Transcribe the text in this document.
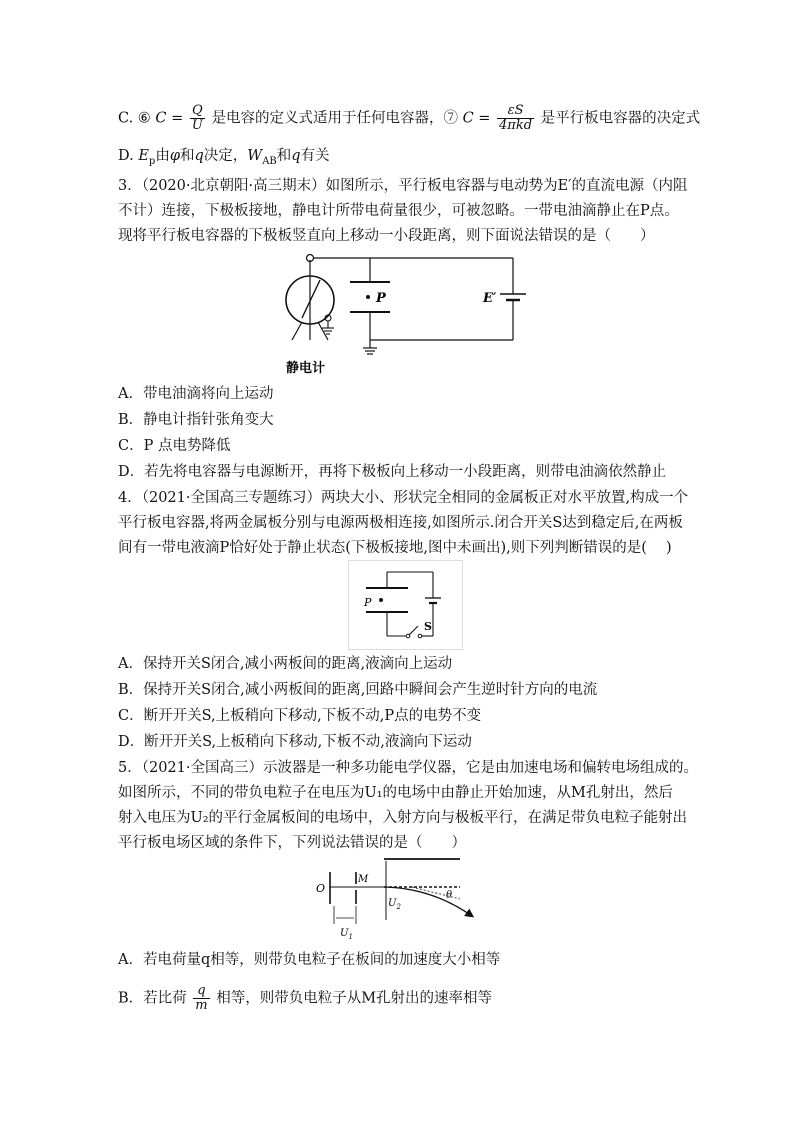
C. ⑥ $C = \frac{Q}{U}$ 是电容的定义式适用于任何电容器，⑦ $C = \frac{\varepsilon S}{\text{4πkd}}$ 是平行板电容器的决定式
D. $E_p$由φ和q决定，$W_{AB}$和q有关
3．（2020·北京朝阳·高三期末）如图所示，平行板电容器与电动势为E′的直流电源（内阻
不计）连接，下极板接地，静电计所带电荷量很少，可被忽略。一带电油滴静止在P点。
现将平行板电容器的下极板竖直向上移动一小段距离，则下面说法错误的是（　　）
P	E′
静电计
A．带电油滴将向上运动
B．静电计指针张角变大
C．P 点电势降低
D．若先将电容器与电源断开，再将下极板向上移动一小段距离，则带电油滴依然静止
4．（2021·全国高三专题练习）两块大小、形状完全相同的金属板正对水平放置,构成一个
平行板电容器,将两金属板分别与电源两极相连接,如图所示.闭合开关S达到稳定后,在两板
间有一带电液滴P恰好处于静止状态(下极板接地,图中未画出),则下列判断错误的是(　 )
P
S
A．保持开关S闭合,减小两板间的距离,液滴向上运动
B．保持开关S闭合,减小两板间的距离,回路中瞬间会产生逆时针方向的电流
C．断开开关S,上板稍向下移动,下板不动,P点的电势不变
D．断开开关S,上板稍向下移动,下板不动,液滴向下运动
5．（2021·全国高三）示波器是一种多功能电学仪器，它是由加速电场和偏转电场组成的。
如图所示，不同的带负电粒子在电压为U₁的电场中由静止开始加速，从M孔射出，然后
射入电压为U₂的平行金属板间的电场中，入射方向与极板平行，在满足带负电粒子能射出
平行板电场区域的条件下，下列说法错误的是（　　）
O
M
$U_2$
θ
$U_1$
A．若电荷量q相等，则带负电粒子在板间的加速度大小相等
B．若比荷 $\frac{q}{m}$ 相等，则带负电粒子从M孔射出的速率相等
